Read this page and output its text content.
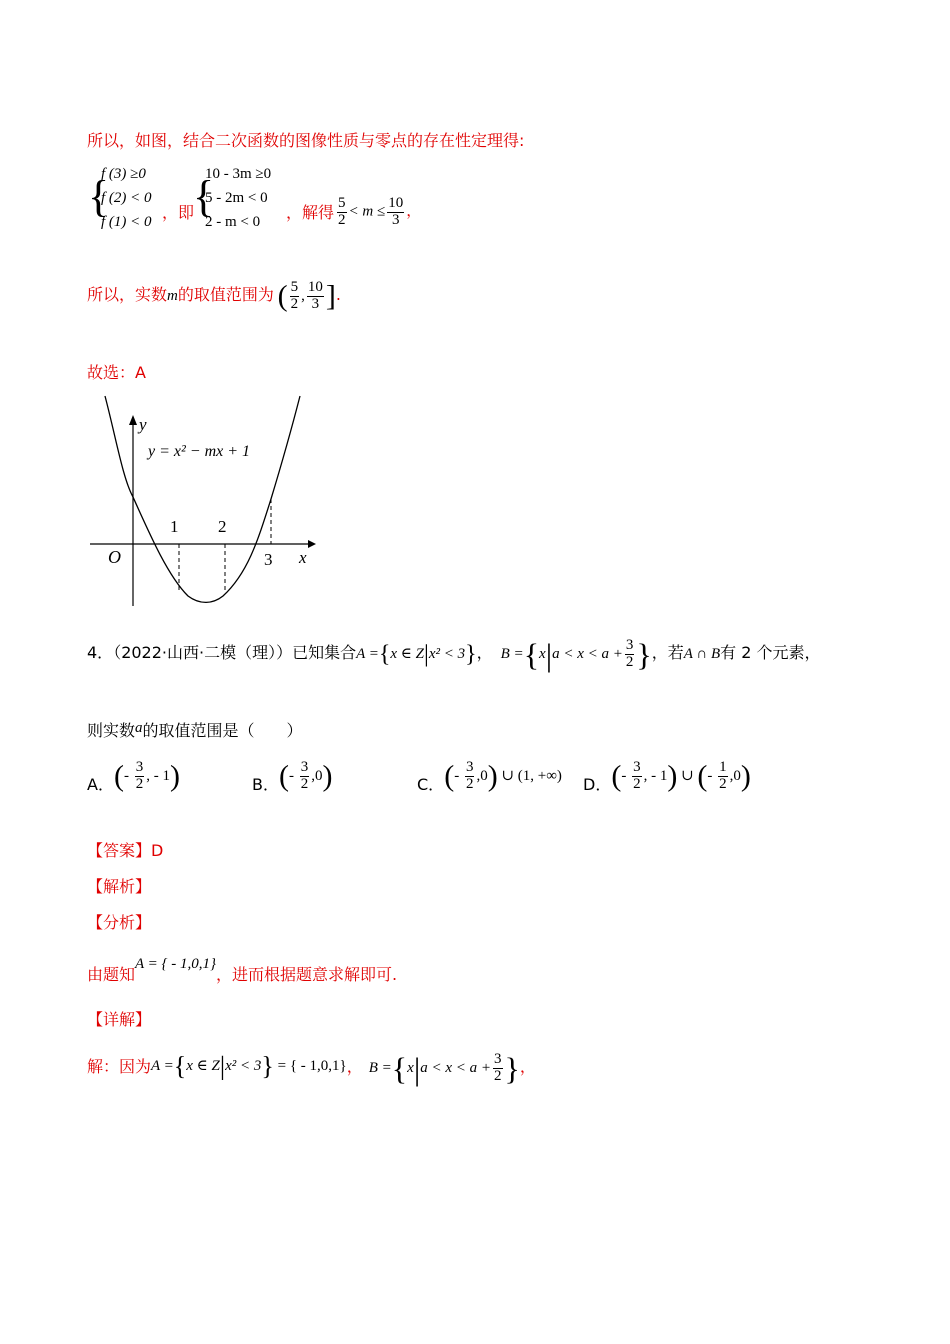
所以，如图，结合二次函数的图像性质与零点的存在性定理得:
{
f (3) ≥0
f (2) < 0
f (1) < 0 ，即
{
10 - 3m ≥0
5 - 2m < 0
2 - m < 0	，解得 $\frac{5}{2} < m \le \frac{10}{3}$ ，
所以，实数m的取值范围为 ( $\frac{5}{2}$ , $\frac{10}{3}$ ].
故选：A
y
x
O
y = x² − mx + 1
1 2
3
4．（2022·山西·二模（理））已知集合A ={x ∈ Z|x² < 3}， $B =\{x|a < x < a + \frac{3}{2}$ }，若A ∩ B有 2 个元素，
则实数a的取值范围是（　　）
A．(- $\frac{3}{2}$ , - 1)	B．(- $\frac{3}{2} ,0$)	C．(- $\frac{3}{2} ,0$) ∪ (1, +∞) D．(- $\frac{3}{2}$ , - 1) ∪ (- $\frac{1}{2} ,0$)
【答案】D
【解析】
【分析】
由题知A = { - 1,0,1}，进而根据题意求解即可.
【详解】
解：因为A ={x ∈ Z|x² < 3} = { - 1,0,1}， $B =\{x|a < x < a + \frac{3}{2}$ }，
